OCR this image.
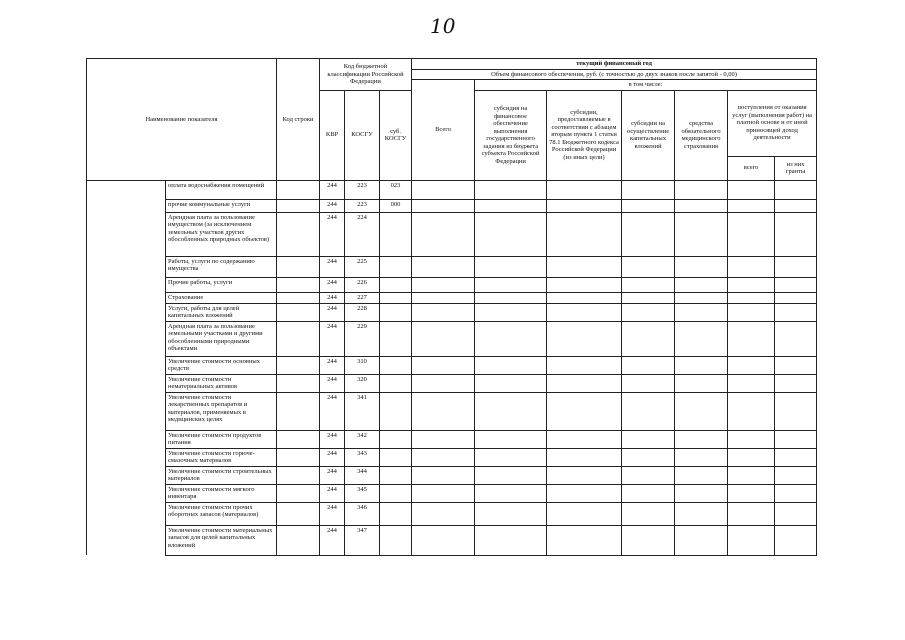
10
Наименование показателя		Код строки	Код бюджетной классификации Российской Федерации			текущий финансовый год						
						Объем финансового обеспечения, руб. (с точностью до двух знаков после запятой - 0,00)						
						Всего	в том числе:					
			КВР	КОСГУ	суб. КОСГУ		субсидия на финансовое обеспечение выполнения государственного задания из бюджета субъекта Российской Федерации	субсидии, предоставляемые в соответствии с абзацем вторым пункта 1 статьи 78.1 Бюджетного кодекса Российской Федерации (из иных цели)	субсидии на осуществление капитальных вложений	средства обязательного медицинского страхования	поступления от оказания услуг (выполнения работ) на платной основе и от иной приносящей доход деятельности	
											всего	из них гранты
	оплата водоснабжения помещений		244	223	023							
	прочие коммунальные услуги		244	223	000							
	Арендная плата за пользование имуществом (за исключением земельных участков других обособленных природных объектов)		244	224								
	Работы, услуги по содержанию имущества		244	225								
	Прочие работы, услуги		244	226								
	Страхование		244	227								
	Услуги, работы для целей капитальных вложений		244	228								
	Арендная плата за пользование земельными участками и другими обособленными природными объектами		244	229								
	Увеличение стоимости основных средств		244	310								
	Увеличение стоимости нематериальных активов		244	320								
	Увеличение стоимости лекарственных препаратов и материалов, применяемых в медицинских целях		244	341								
	Увеличение стоимости продуктов питания		244	342								
	Увеличение стоимости горюче-смазочных материалов		244	343								
	Увеличение стоимости строительных материалов		244	344								
	Увеличение стоимости мягкого инвентаря		244	345								
	Увеличение стоимости прочих оборотных запасов (материалов)		244	346								
	Увеличение стоимости материальных запасов для целей капитальных вложений		244	347								
